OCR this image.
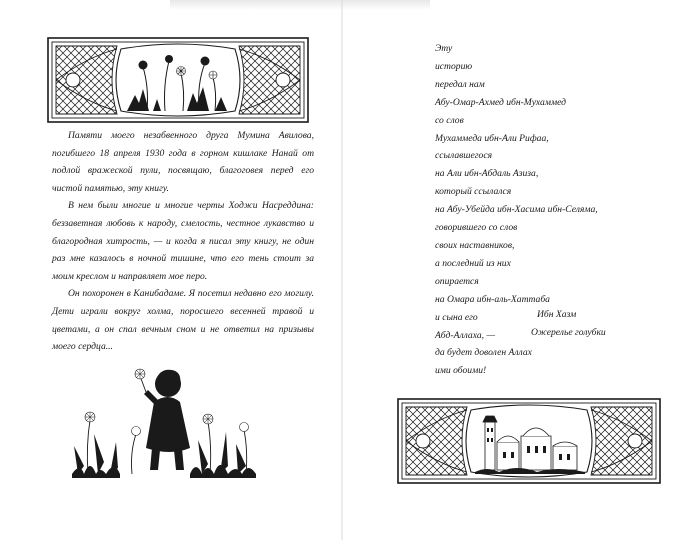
Памяти моего незабвенного друга Мумина Авилова, погибшего 18 апреля 1930 года в горном кишлаке Нанай от подлой вражеской пули, посвящаю, благоговея перед его чистой памятью, эту книгу.

В нем были многие и многие черты Ходжи Насреддина: беззаветная любовь к народу, смелость, честное лукавство и благородная хитрость, — и когда я писал эту книгу, не один раз мне казалось в ночной тишине, что его тень стоит за моим креслом и направляет мое перо.

Он похоронен в Канибадаме. Я посетил недавно его могилу. Дети играли вокруг холма, поросшего весенней травой и цветами, а он спал вечным сном и не ответил на призывы моего сердца...

Эту
историю
передал нам
Абу-Омар-Ахмед ибн-Мухаммед
со слов
Мухаммеда ибн-Али Рифаа,
ссылавшегося
на Али ибн-Абдаль Азиза,
который ссылался
на Абу-Убейда ибн-Хасима ибн-Селяма,
говорившего со слов
своих наставников,
а последний из них
опирается
на Омара ибн-аль-Хаттаба
и сына его
Абд-Аллаха, —
да будет доволен Аллах
ими обоими!
Ибн Хазм
Ожерелье голубки
